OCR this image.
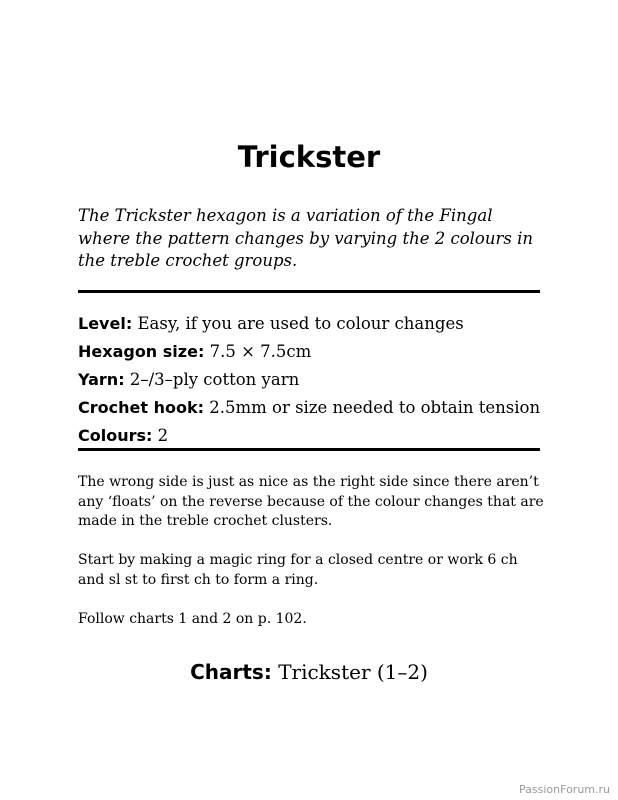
Trickster

The Trickster hexagon is a variation of the Fingal where the pattern changes by varying the 2 colours in the treble crochet groups.

Level: Easy, if you are used to colour changes
Hexagon size: 7.5 × 7.5cm
Yarn: 2–/3–ply cotton yarn
Crochet hook: 2.5mm or size needed to obtain tension
Colours: 2

The wrong side is just as nice as the right side since there aren’t any ‘floats’ on the reverse because of the colour changes that are made in the treble crochet clusters.

Start by making a magic ring for a closed centre or work 6 ch and sl st to first ch to form a ring.

Follow charts 1 and 2 on p. 102.

Charts: Trickster (1–2)

PassionForum.ru
